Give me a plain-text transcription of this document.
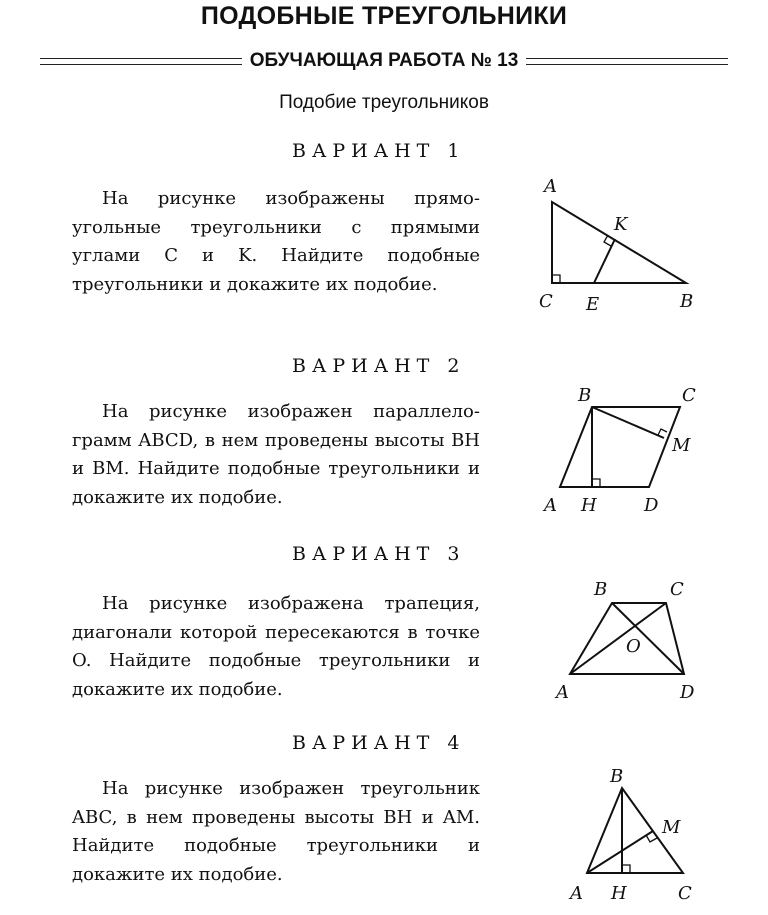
ПОДОБНЫЕ ТРЕУГОЛЬНИКИ
ОБУЧАЮЩАЯ РАБОТА № 13
Подобие треугольников
ВАРИАНТ 1
На рисунке изображены прямоугольные треугольники с прямыми углами C и K. Найдите подобные треугольники и докажите их подобие.
A
K
C E	B
ВАРИАНТ 2
На рисунке изображен параллелограмм ABCD, в нем проведены высоты BH и BM. Найдите подобные треугольники и докажите их подобие.
B	C
M
A H	D
ВАРИАНТ 3
На рисунке изображена трапеция, диагонали которой пересекаются в точке O. Найдите подобные треугольники и докажите их подобие.
B	C
O
A	D
ВАРИАНТ 4
На рисунке изображен треугольник ABC, в нем проведены высоты BH и AM. Найдите подобные треугольники и докажите их подобие.
B
M
A H	C
